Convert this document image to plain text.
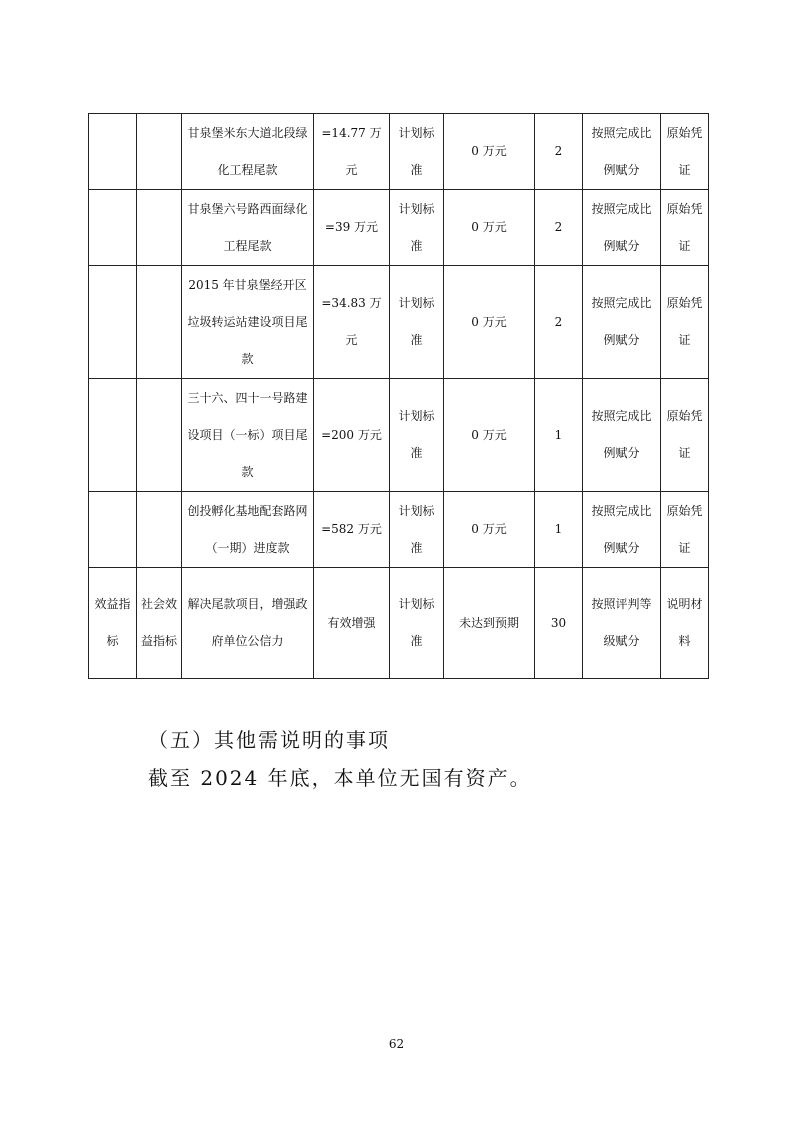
		甘泉堡米东大道北段绿化工程尾款	=14.77 万元	计划标准	0 万元	2	按照完成比例赋分	原始凭证
		甘泉堡六号路西面绿化工程尾款	=39 万元	计划标准	0 万元	2	按照完成比例赋分	原始凭证
		2015 年甘泉堡经开区垃圾转运站建设项目尾款	=34.83 万元	计划标准	0 万元	2	按照完成比例赋分	原始凭证
		三十六、四十一号路建设项目（一标）项目尾款	=200 万元	计划标准	0 万元	1	按照完成比例赋分	原始凭证
		创投孵化基地配套路网（一期）进度款	=582 万元	计划标准	0 万元	1	按照完成比例赋分	原始凭证
效益指标	社会效益指标	解决尾款项目，增强政府单位公信力	有效增强	计划标准	未达到预期	30	按照评判等级赋分	说明材料
（五）其他需说明的事项
截至 2024 年底，本单位无国有资产。
62
